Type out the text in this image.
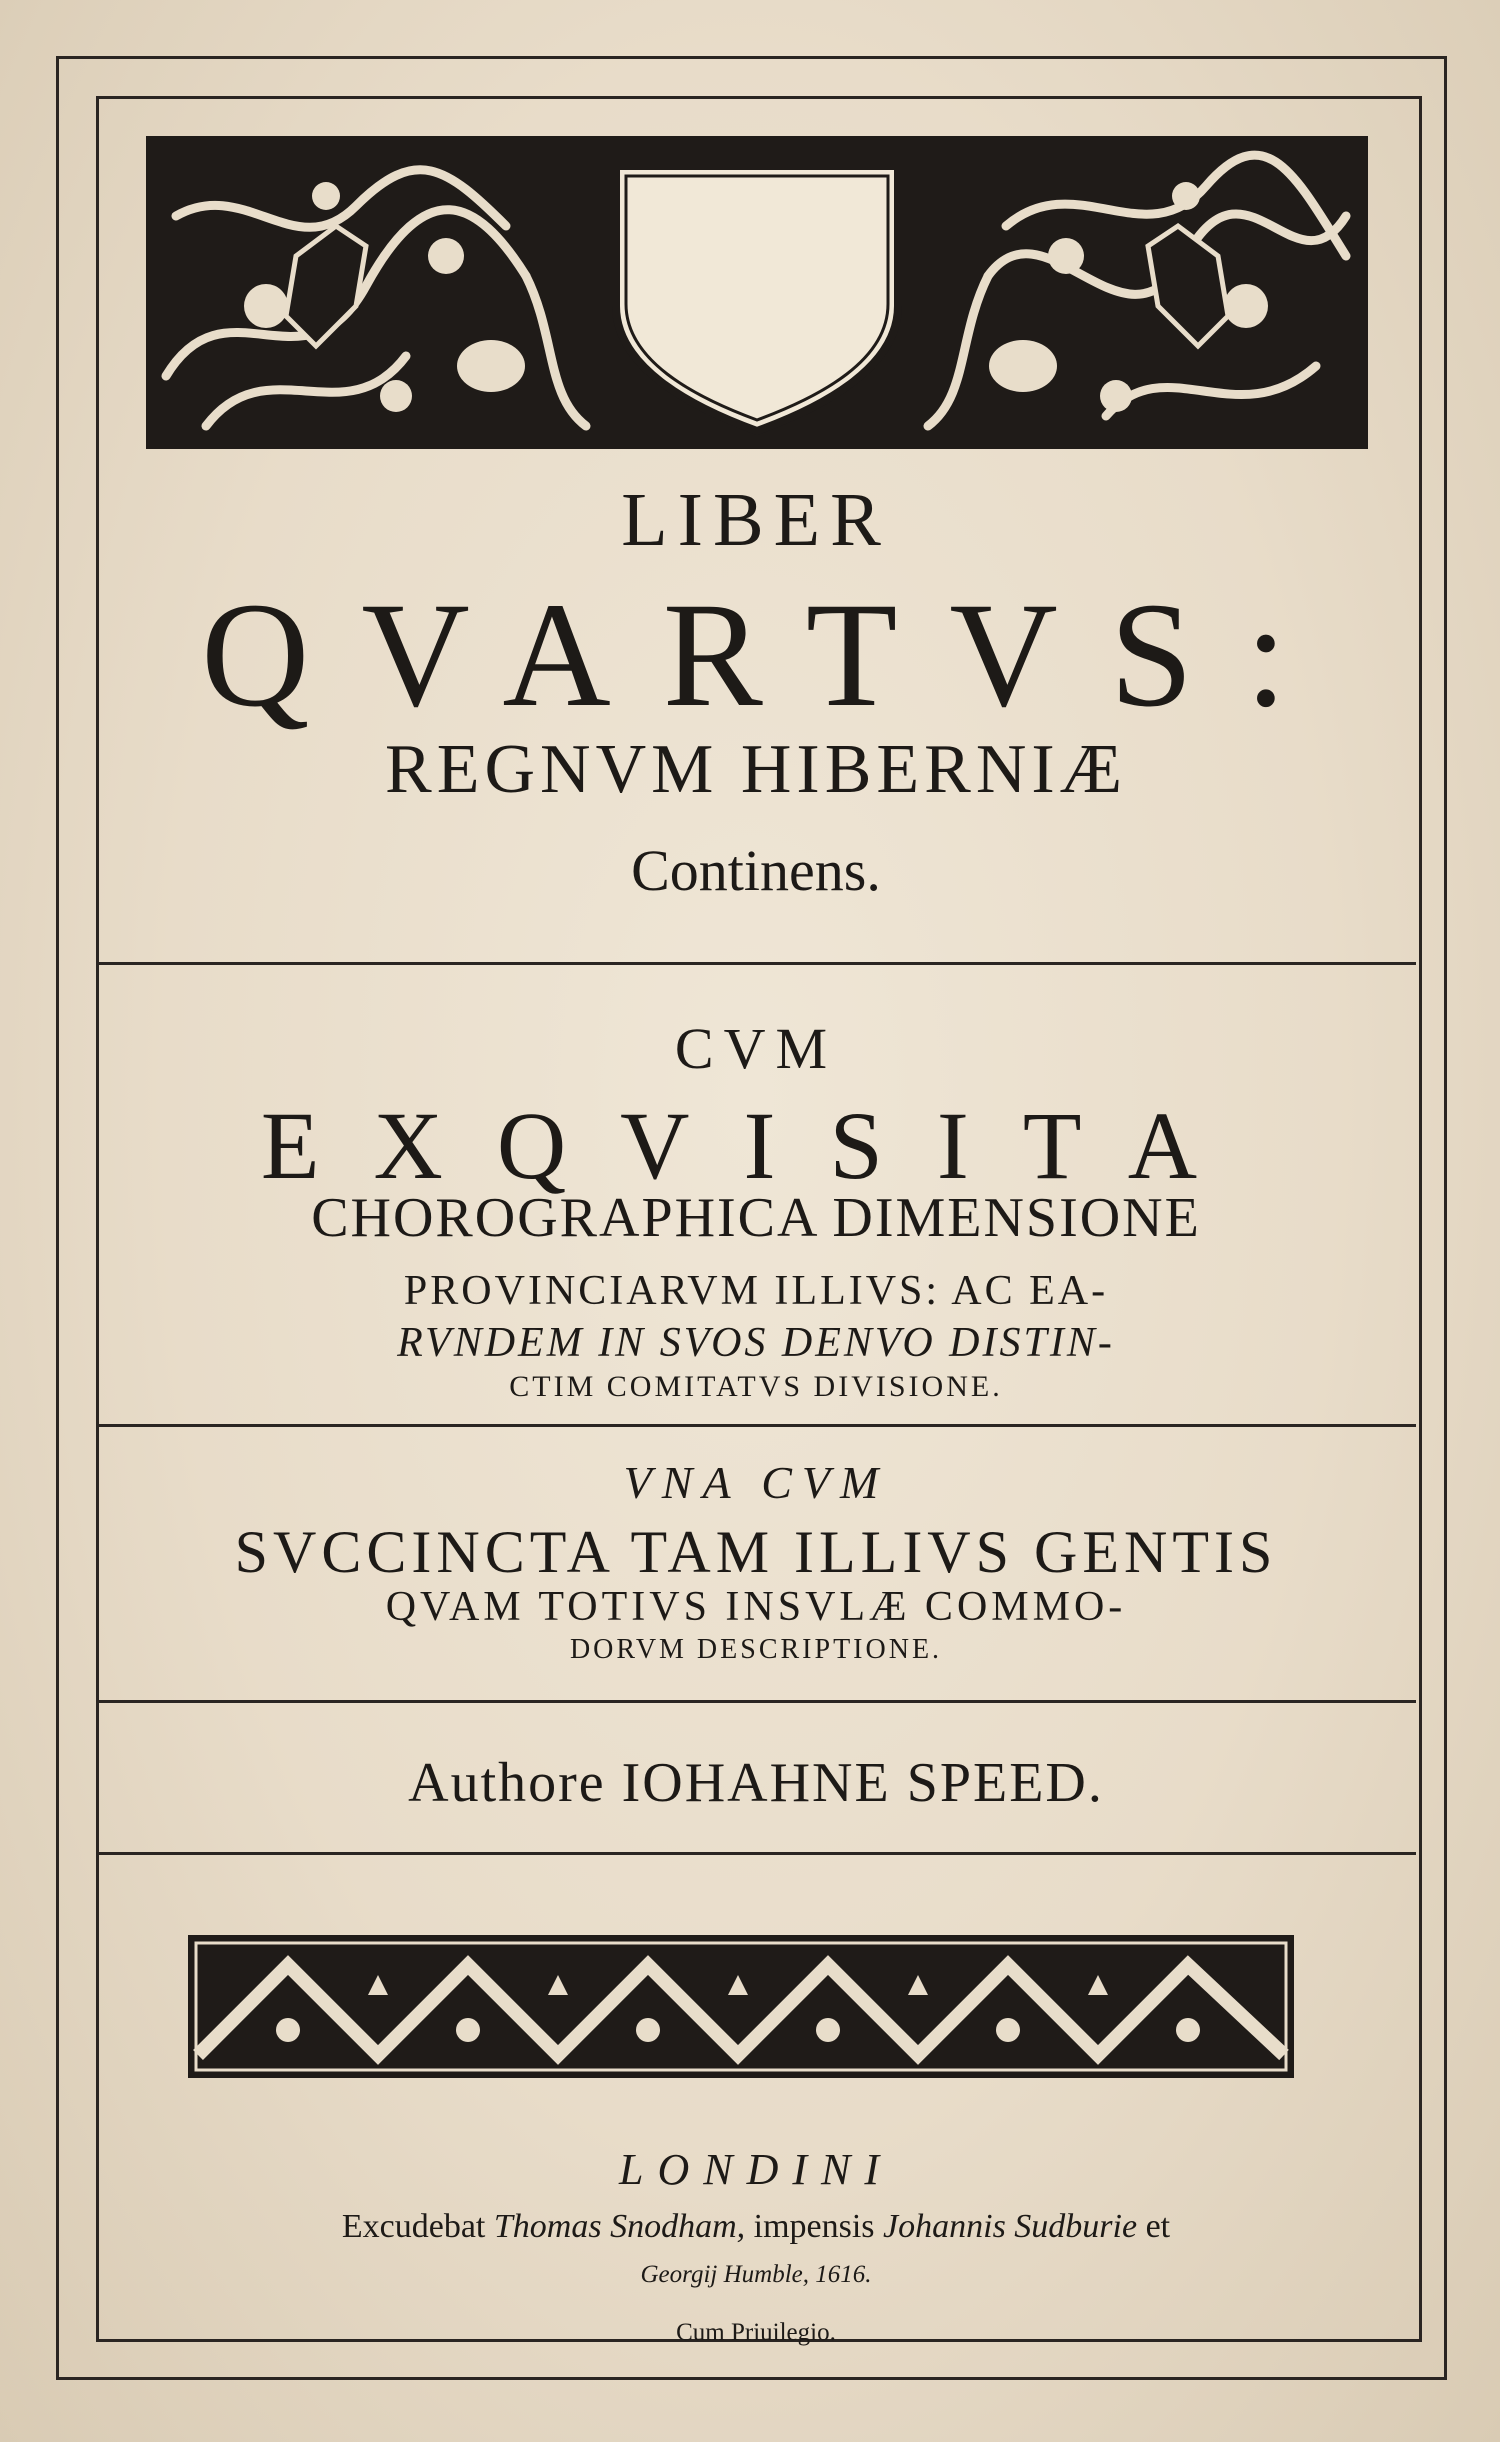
LIBER
QVARTVS:
REGNVM HIBERNIÆ
Continens.
CVM
EXQVISITA
CHOROGRAPHICA DIMENSIONE
PROVINCIARVM ILLIVS: AC EA-
RVNDEM IN SVOS DENVO DISTIN-
CTIM COMITATVS DIVISIONE.
VNA CVM
SVCCINCTA TAM ILLIVS GENTIS
QVAM TOTIVS INSVLÆ COMMO-
DORVM DESCRIPTIONE.
Authore IOHAHNE SPEED.
LONDINI
Excudebat Thomas Snodham, impensis Johannis Sudburie et
Georgij Humble, 1616.
Cum Priuilegio.
